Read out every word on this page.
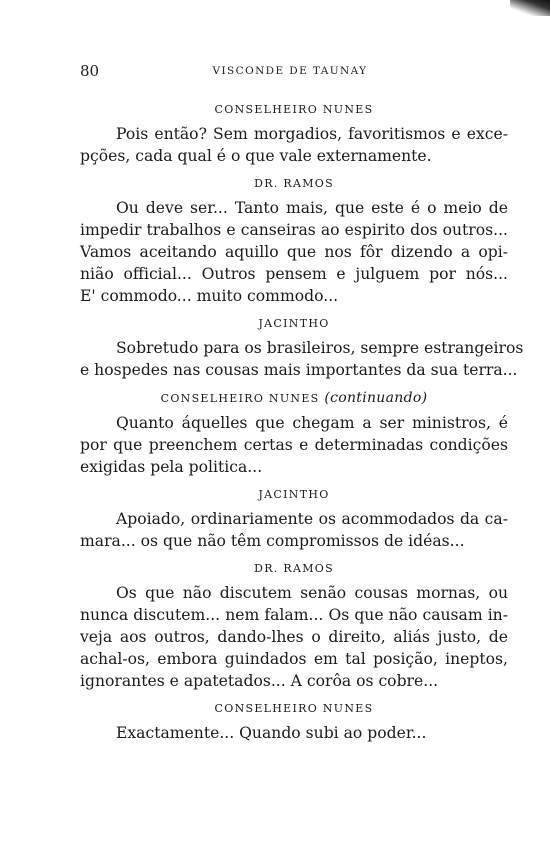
80	VISCONDE DE TAUNAY
CONSELHEIRO NUNES
Pois então? Sem morgadios, favoritismos e exce-
pções, cada qual é o que vale externamente.
DR. RAMOS
Ou deve ser... Tanto mais, que este é o meio de
impedir trabalhos e canseiras ao espirito dos outros...
Vamos aceitando aquillo que nos fôr dizendo a opi-
nião official... Outros pensem e julguem por nós...
E' commodo... muito commodo...
JACINTHO
Sobretudo para os brasileiros, sempre estrangeiros
e hospedes nas cousas mais importantes da sua terra...
CONSELHEIRO NUNES (continuando)
Quanto áquelles que chegam a ser ministros, é
por que preenchem certas e determinadas condições
exigidas pela politica...
JACINTHO
Apoiado, ordinariamente os acommodados da ca-
mara... os que não têm compromissos de idéas...
DR. RAMOS
Os que não discutem senão cousas mornas, ou
nunca discutem... nem falam... Os que não causam in-
veja aos outros, dando-lhes o direito, aliás justo, de
achal-os, embora guindados em tal posição, ineptos,
ignorantes e apatetados... A corôa os cobre...
CONSELHEIRO NUNES
Exactamente... Quando subi ao poder...
